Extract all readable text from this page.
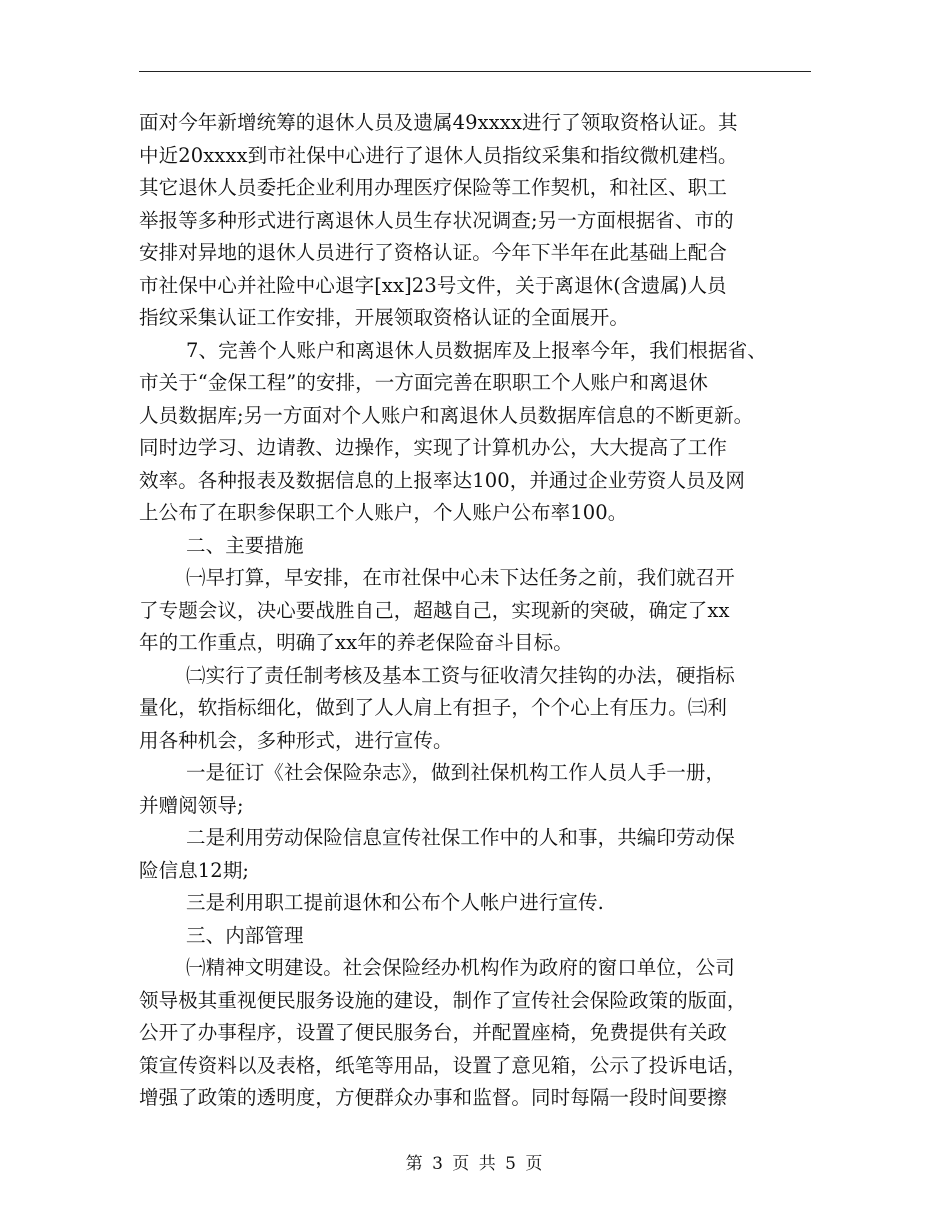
面对今年新增统筹的退休人员及遗属49xxxx进行了领取资格认证。其
中近20xxxx到市社保中心进行了退休人员指纹采集和指纹微机建档。
其它退休人员委托企业利用办理医疗保险等工作契机，和社区、职工
举报等多种形式进行离退休人员生存状况调查;另一方面根据省、市的
安排对异地的退休人员进行了资格认证。今年下半年在此基础上配合
市社保中心并社险中心退字[xx]23号文件，关于离退休(含遗属)人员
指纹采集认证工作安排，开展领取资格认证的全面展开。
7、完善个人账户和离退休人员数据库及上报率今年，我们根据省、
市关于“金保工程”的安排，一方面完善在职职工个人账户和离退休
人员数据库;另一方面对个人账户和离退休人员数据库信息的不断更新。
同时边学习、边请教、边操作，实现了计算机办公，大大提高了工作
效率。各种报表及数据信息的上报率达100，并通过企业劳资人员及网
上公布了在职参保职工个人账户，个人账户公布率100。
二、主要措施
㈠早打算，早安排，在市社保中心未下达任务之前，我们就召开
了专题会议，决心要战胜自己，超越自己，实现新的突破，确定了xx
年的工作重点，明确了xx年的养老保险奋斗目标。
㈡实行了责任制考核及基本工资与征收清欠挂钩的办法，硬指标
量化，软指标细化，做到了人人肩上有担子，个个心上有压力。㈢利
用各种机会，多种形式，进行宣传。
一是征订《社会保险杂志》，做到社保机构工作人员人手一册，
并赠阅领导;
二是利用劳动保险信息宣传社保工作中的人和事，共编印劳动保
险信息12期;
三是利用职工提前退休和公布个人帐户进行宣传.
三、内部管理
㈠精神文明建设。社会保险经办机构作为政府的窗口单位，公司
领导极其重视便民服务设施的建设，制作了宣传社会保险政策的版面，
公开了办事程序，设置了便民服务台，并配置座椅，免费提供有关政
策宣传资料以及表格，纸笔等用品，设置了意见箱，公示了投诉电话，
增强了政策的透明度，方便群众办事和监督。同时每隔一段时间要擦
第 3 页 共 5 页
